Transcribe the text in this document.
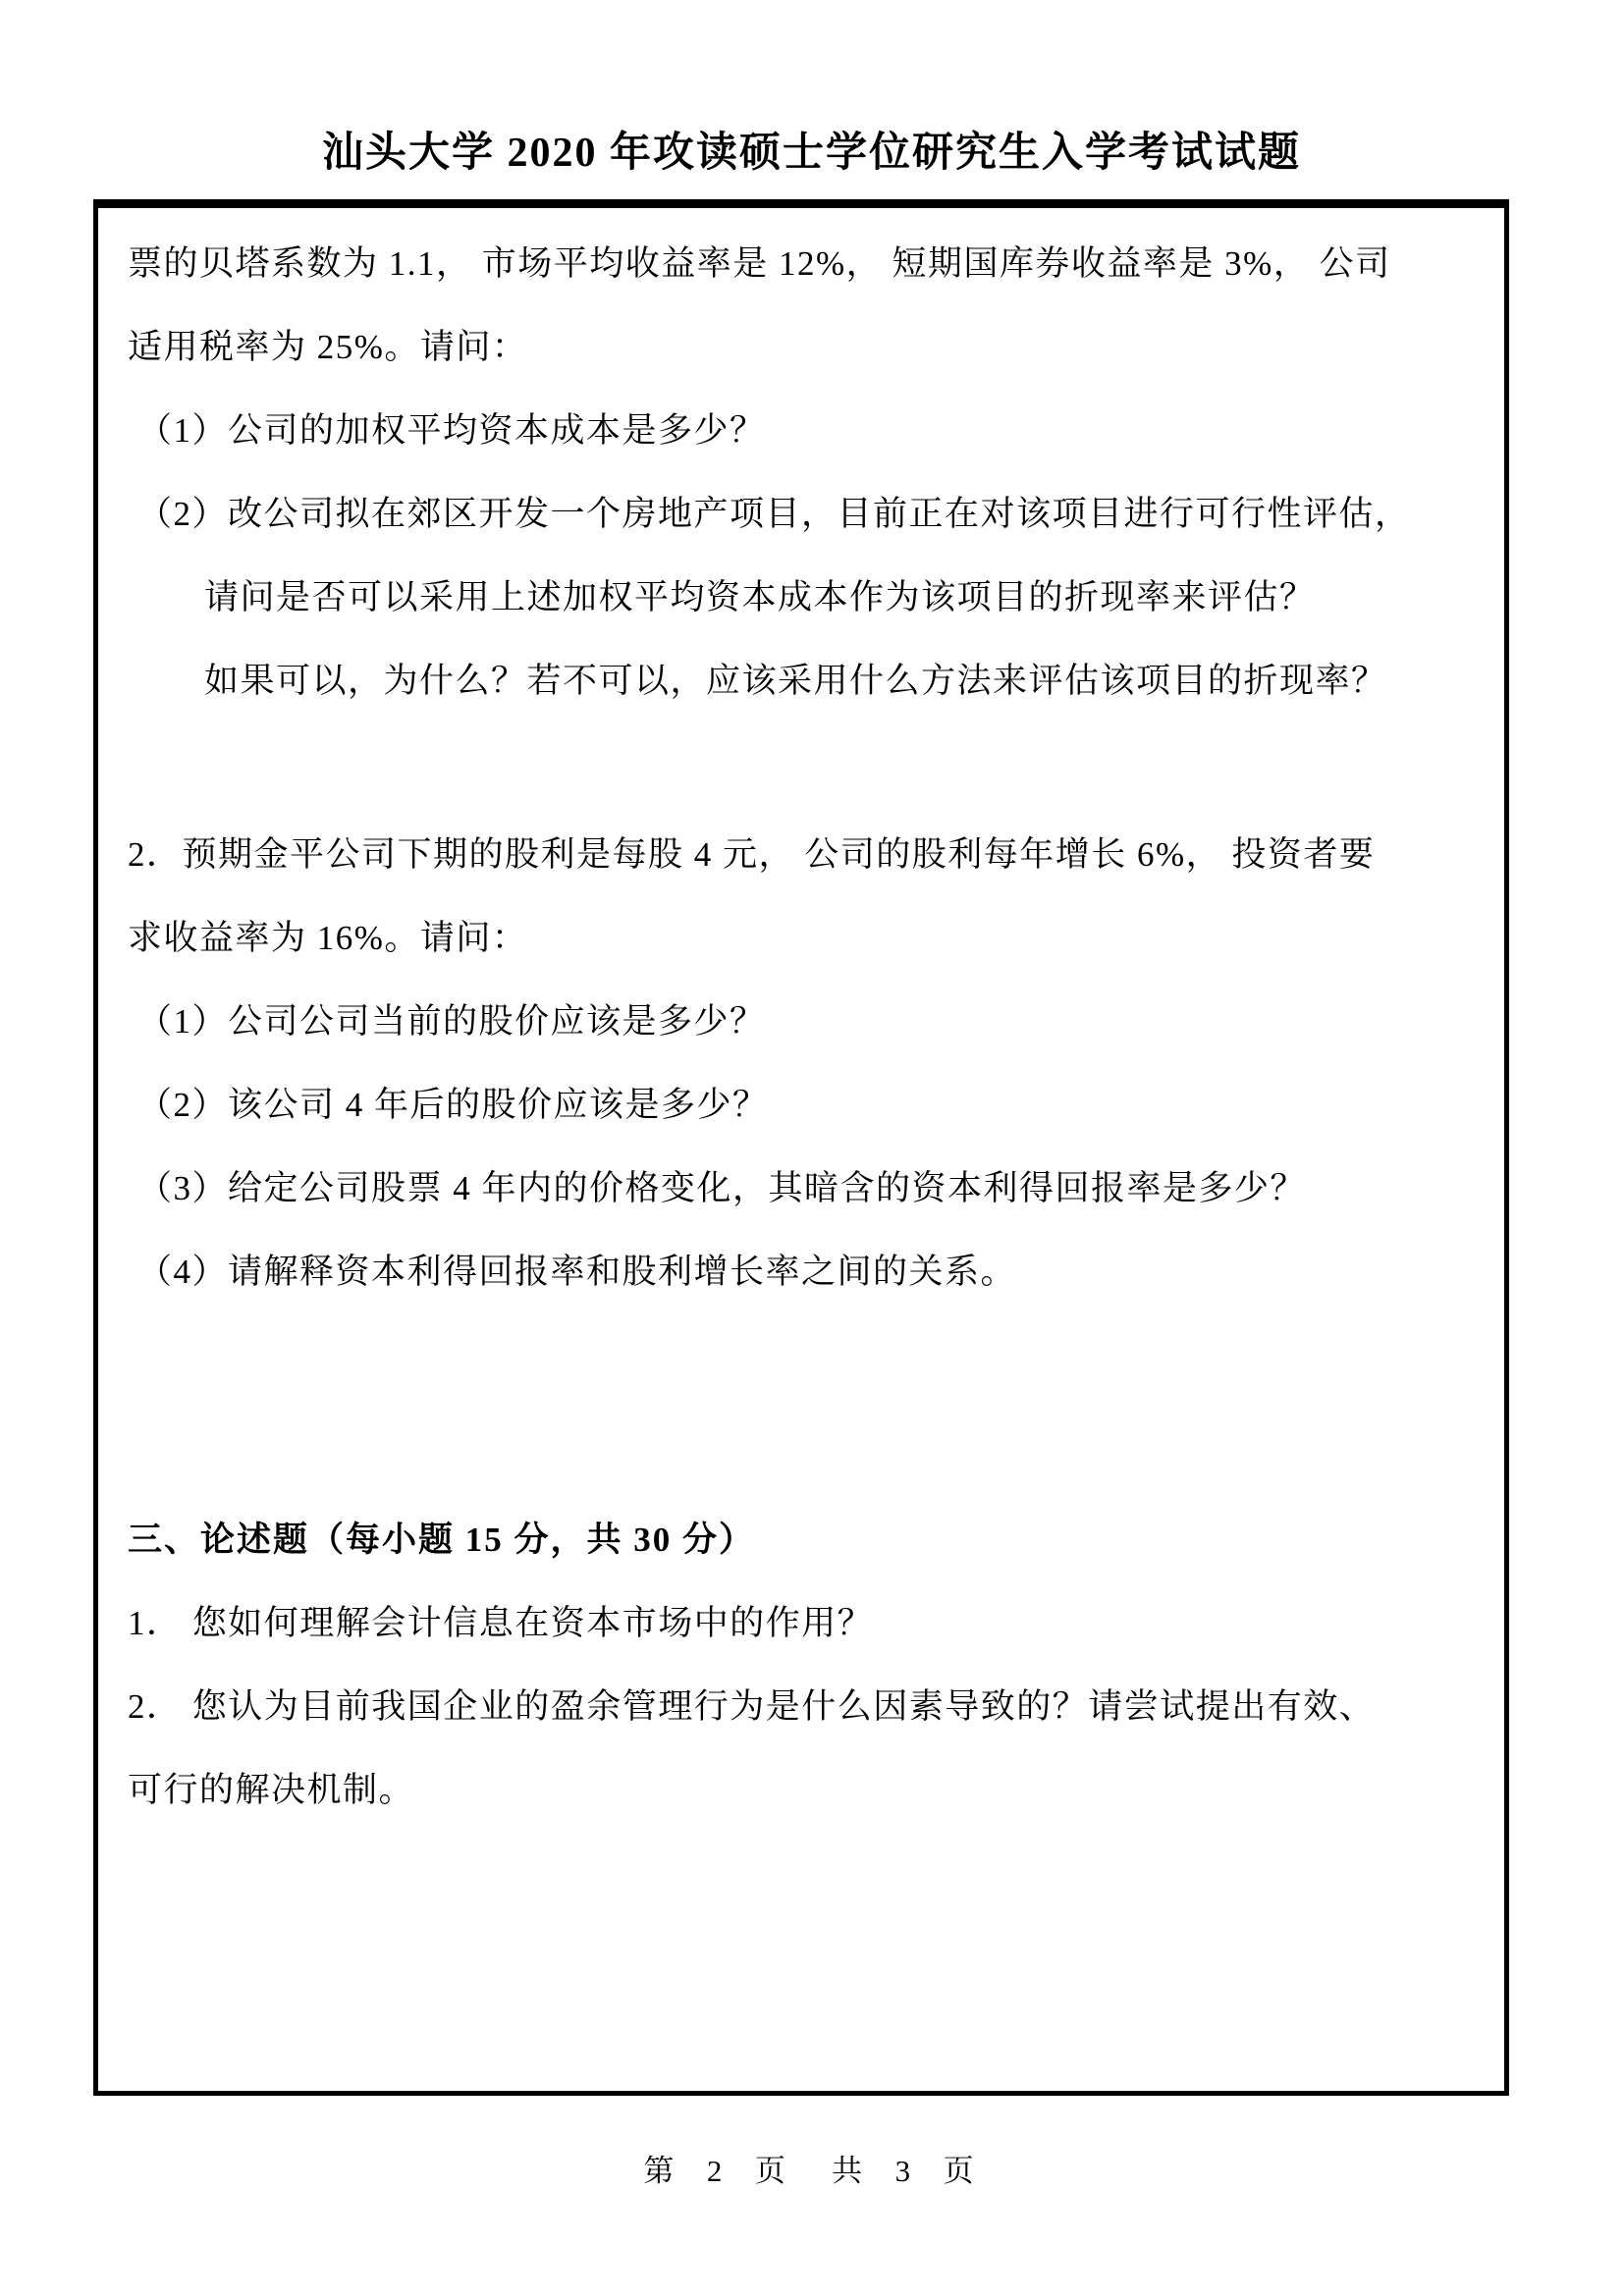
汕头大学 2020 年攻读硕士学位研究生入学考试试题

票的贝塔系数为 1.1， 市场平均收益率是 12%， 短期国库券收益率是 3%， 公司

适用税率为 25%。请问：

（1）公司的加权平均资本成本是多少？

（2）改公司拟在郊区开发一个房地产项目，目前正在对该项目进行可行性评估，

请问是否可以采用上述加权平均资本成本作为该项目的折现率来评估？

如果可以，为什么？若不可以，应该采用什么方法来评估该项目的折现率？

2．预期金平公司下期的股利是每股 4 元， 公司的股利每年增长 6%， 投资者要

求收益率为 16%。请问：

（1）公司公司当前的股价应该是多少？

（2）该公司 4 年后的股价应该是多少？

（3）给定公司股票 4 年内的价格变化，其暗含的资本利得回报率是多少？

（4）请解释资本利得回报率和股利增长率之间的关系。

三、论述题（每小题 15 分，共 30 分）

1． 您如何理解会计信息在资本市场中的作用？

2． 您认为目前我国企业的盈余管理行为是什么因素导致的？请尝试提出有效、

可行的解决机制。

第  2  页   共  3  页
